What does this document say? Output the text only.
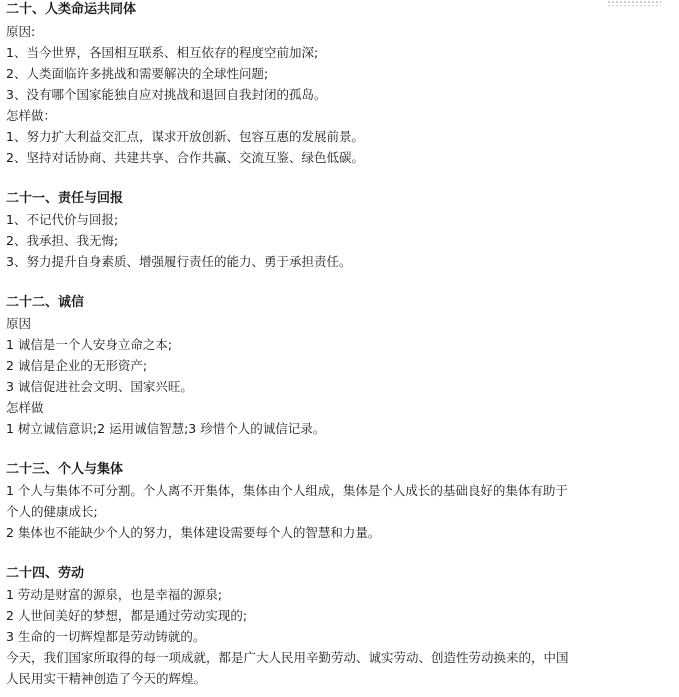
二十、人类命运共同体
原因:
1、当今世界，各国相互联系、相互依存的程度空前加深;
2、人类面临许多挑战和需要解决的全球性问题;
3、没有哪个国家能独自应对挑战和退回自我封闭的孤岛。
怎样做：
1、努力扩大利益交汇点，谋求开放创新、包容互惠的发展前景。
2、坚持对话协商、共建共享、合作共赢、交流互鉴、绿色低碳。
二十一、责任与回报
1、不记代价与回报;
2、我承担、我无悔;
3、努力提升自身素质、增强履行责任的能力、勇于承担责任。
二十二、诚信
原因
1 诚信是一个人安身立命之本;
2 诚信是企业的无形资产;
3 诚信促进社会文明、国家兴旺。
怎样做
1 树立诚信意识;2 运用诚信智慧;3 珍惜个人的诚信记录。
二十三、个人与集体
1 个人与集体不可分割。个人离不开集体，集体由个人组成，集体是个人成长的基础良好的集体有助于
个人的健康成长;
2 集体也不能缺少个人的努力，集体建设需要每个人的智慧和力量。
二十四、劳动
1 劳动是财富的源泉，也是幸福的源泉;
2 人世间美好的梦想，都是通过劳动实现的;
3 生命的一切辉煌都是劳动铸就的。
今天，我们国家所取得的每一项成就，都是广大人民用辛勤劳动、诚实劳动、创造性劳动换来的，中国
人民用实干精神创造了今天的辉煌。
